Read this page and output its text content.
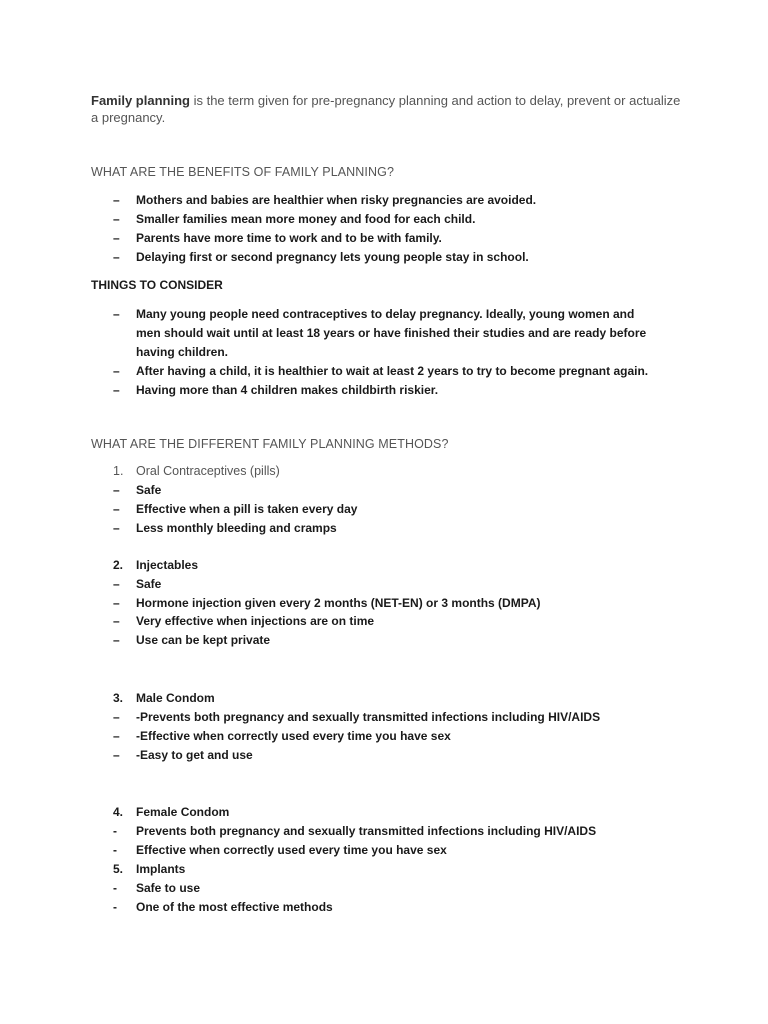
Family planning is the term given for pre-pregnancy planning and action to delay, prevent or actualize a pregnancy.

WHAT ARE THE BENEFITS OF FAMILY PLANNING?
–	Mothers and babies are healthier when risky pregnancies are avoided.
–	Smaller families mean more money and food for each child.
–	Parents have more time to work and to be with family.
–	Delaying first or second pregnancy lets young people stay in school.
THINGS TO CONSIDER
–	Many young people need contraceptives to delay pregnancy. Ideally, young women and men should wait until at least 18 years or have finished their studies and are ready before having children.
–	After having a child, it is healthier to wait at least 2 years to try to become pregnant again.
–	Having more than 4 children makes childbirth riskier.
WHAT ARE THE DIFFERENT FAMILY PLANNING METHODS?
1.	Oral Contraceptives (pills)
–	Safe
–	Effective when a pill is taken every day
–	Less monthly bleeding and cramps
2.	Injectables
–	Safe
–	Hormone injection given every 2 months (NET-EN) or 3 months (DMPA)
–	Very effective when injections are on time
–	Use can be kept private
3.	Male Condom
–	-Prevents both pregnancy and sexually transmitted infections including HIV/AIDS
–	-Effective when correctly used every time you have sex
–	-Easy to get and use
4.	Female Condom
-	Prevents both pregnancy and sexually transmitted infections including HIV/AIDS
-	Effective when correctly used every time you have sex
5.	Implants
-	Safe to use
-	One of the most effective methods
